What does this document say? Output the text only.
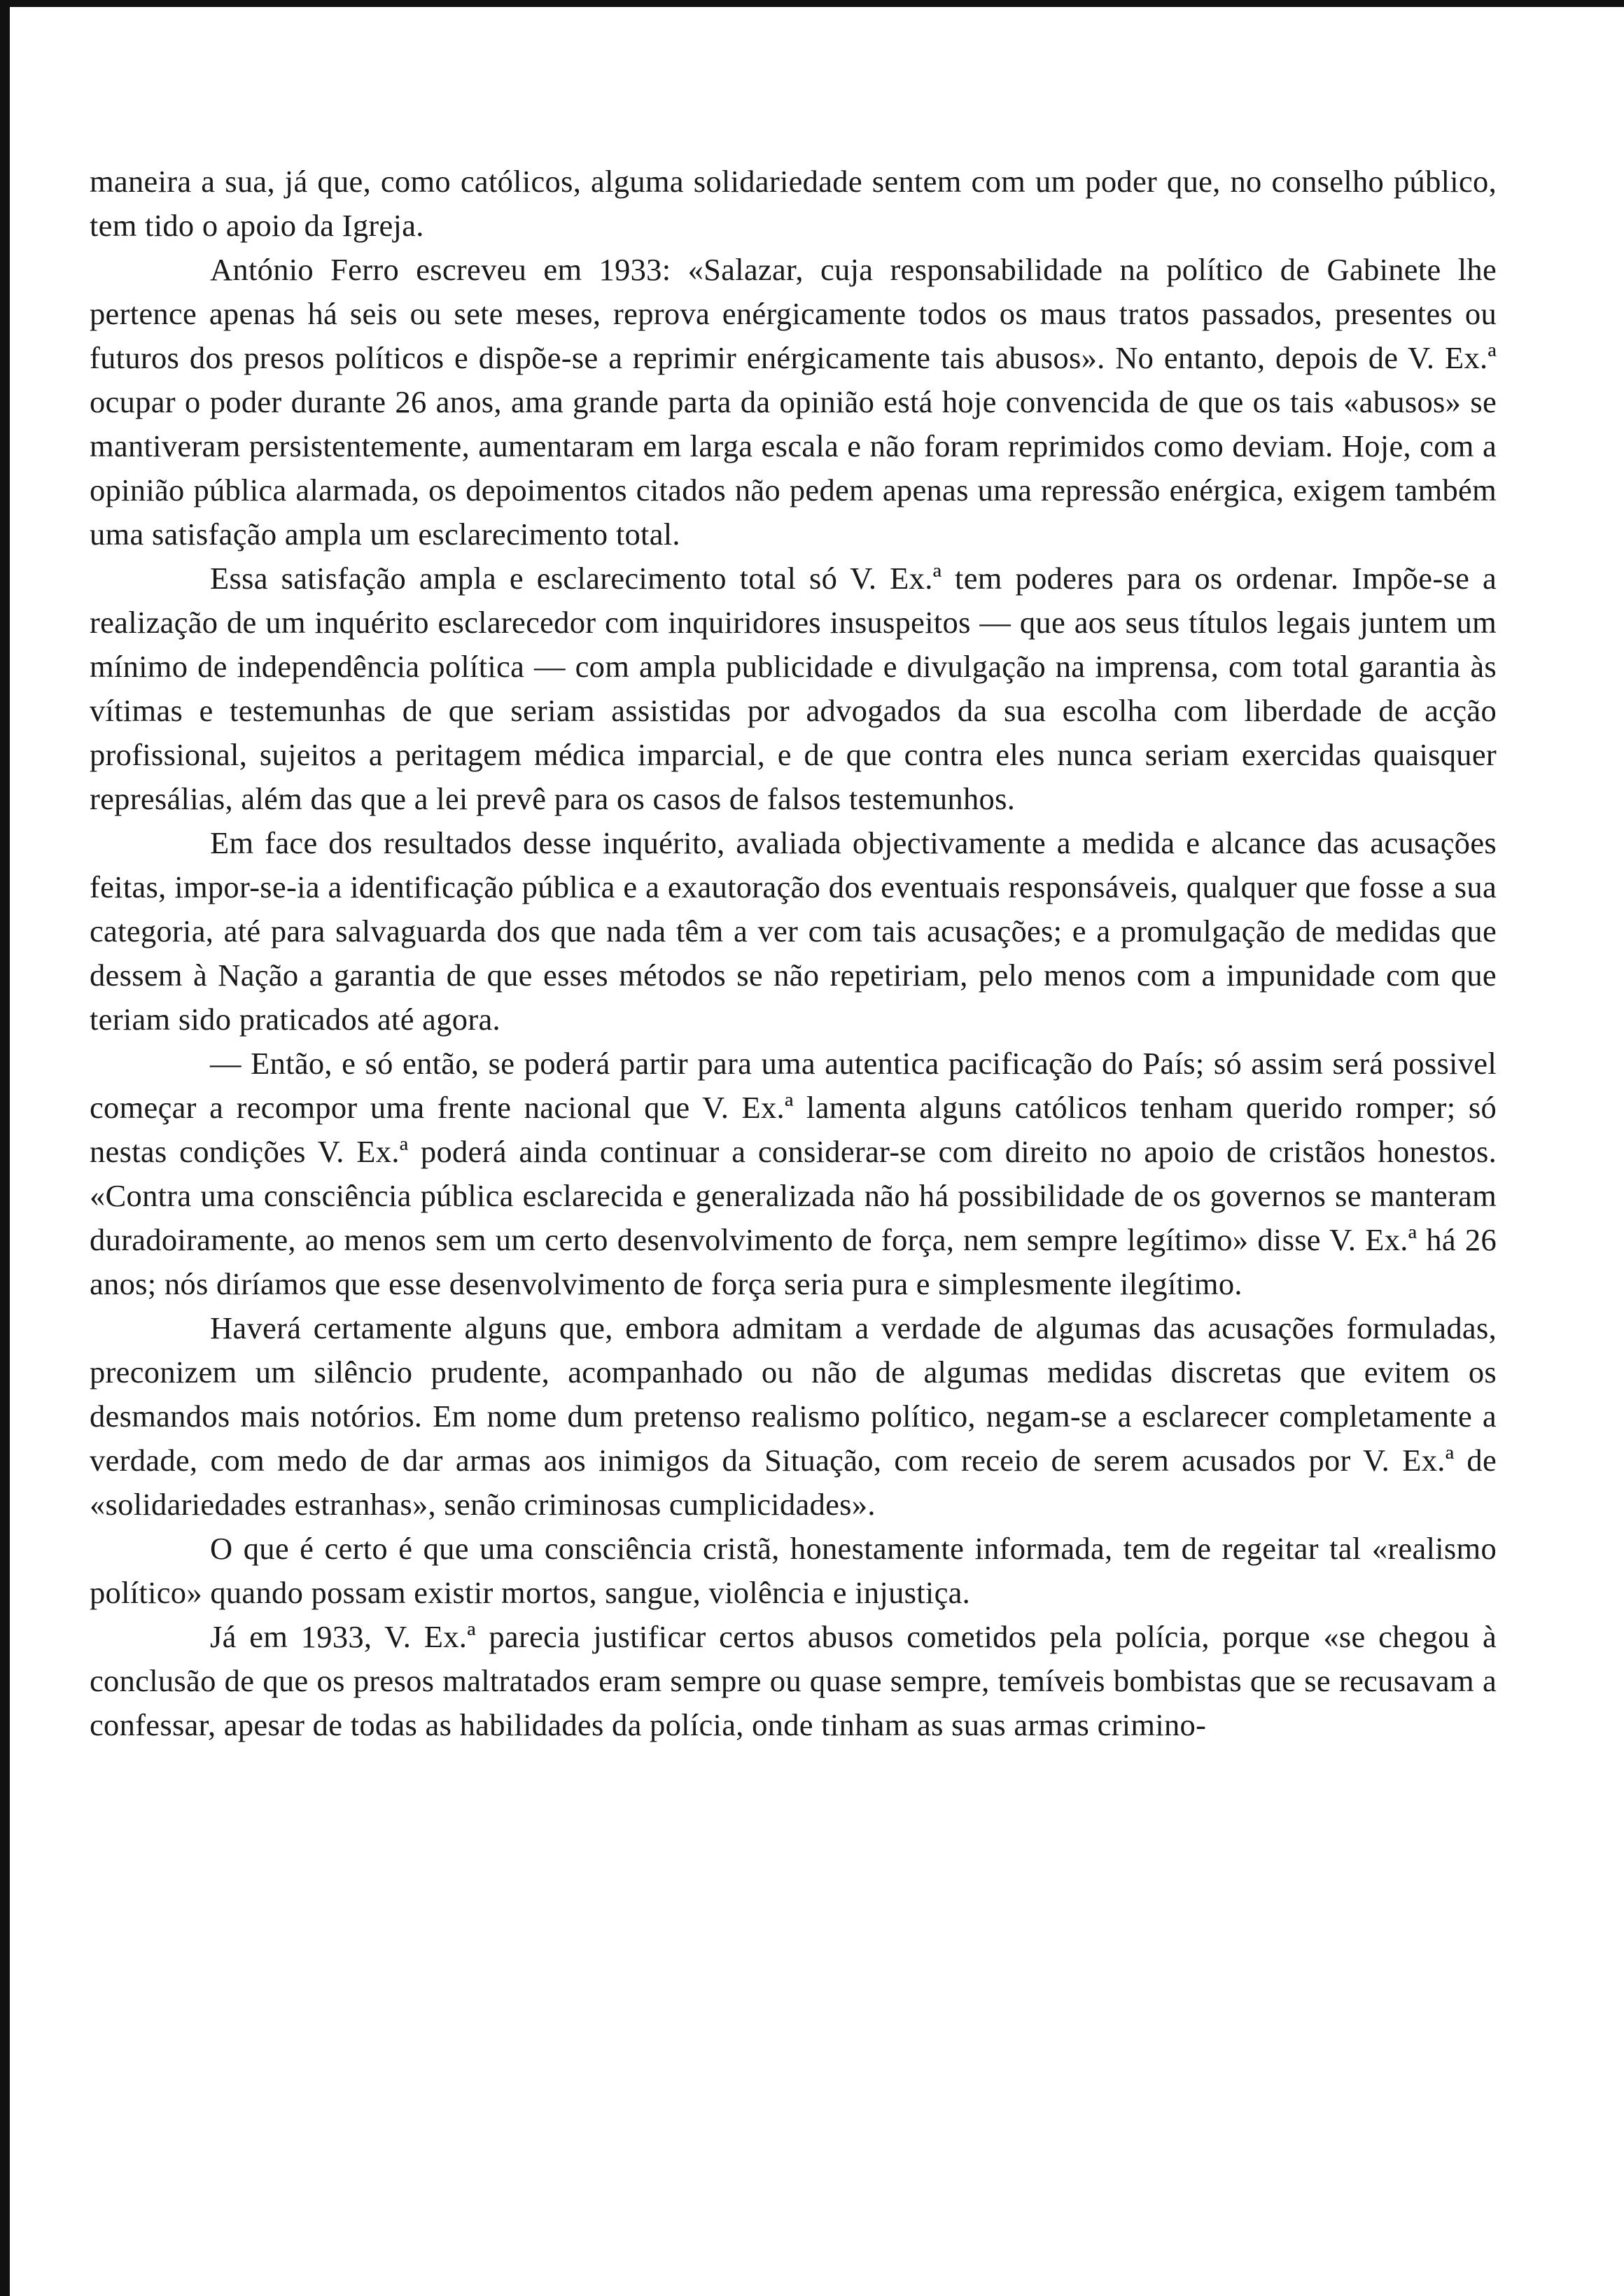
maneira a sua, já que, como católicos, alguma solidariedade sentem com um poder que, no conselho público, tem tido o apoio da Igreja.

António Ferro escreveu em 1933: «Salazar, cuja responsabilidade na político de Gabinete lhe pertence apenas há seis ou sete meses, reprova enérgicamente todos os maus tratos passados, presentes ou futuros dos presos políticos e dispõe-se a reprimir enérgicamente tais abusos». No entanto, depois de V. Ex.ª ocupar o poder durante 26 anos, ama grande parta da opinião está hoje convencida de que os tais «abusos» se mantiveram persistentemente, aumentaram em larga escala e não foram reprimidos como deviam. Hoje, com a opinião pública alarmada, os depoimentos citados não pedem apenas uma repressão enérgica, exigem também uma satisfação ampla um esclarecimento total.

Essa satisfação ampla e esclarecimento total só V. Ex.ª tem poderes para os ordenar. Impõe-se a realização de um inquérito esclarecedor com inquiridores insuspeitos — que aos seus títulos legais juntem um mínimo de independência política — com ampla publicidade e divulgação na imprensa, com total garantia às vítimas e testemunhas de que seriam assistidas por advogados da sua escolha com liberdade de acção profissional, sujeitos a peritagem médica imparcial, e de que contra eles nunca seriam exercidas quaisquer represálias, além das que a lei prevê para os casos de falsos testemunhos.

Em face dos resultados desse inquérito, avaliada objectivamente a medida e alcance das acusações feitas, impor-se-ia a identificação pública e a exautoração dos eventuais responsáveis, qualquer que fosse a sua categoria, até para salvaguarda dos que nada têm a ver com tais acusações; e a promulgação de medidas que dessem à Nação a garantia de que esses métodos se não repetiriam, pelo menos com a impunidade com que teriam sido praticados até agora.

— Então, e só então, se poderá partir para uma autentica pacificação do País; só assim será possivel começar a recompor uma frente nacional que V. Ex.ª lamenta alguns católicos tenham querido romper; só nestas condições V. Ex.ª poderá ainda continuar a considerar-se com direito no apoio de cristãos honestos. «Contra uma consciência pública esclarecida e generalizada não há possibilidade de os governos se manteram duradoiramente, ao menos sem um certo desenvolvimento de força, nem sempre legítimo» disse V. Ex.ª há 26 anos; nós diríamos que esse desenvolvimento de força seria pura e simplesmente ilegítimo.

Haverá certamente alguns que, embora admitam a verdade de algumas das acusações formuladas, preconizem um silêncio prudente, acompanhado ou não de algumas medidas discretas que evitem os desmandos mais notórios. Em nome dum pretenso realismo político, negam-se a esclarecer completamente a verdade, com medo de dar armas aos inimigos da Situação, com receio de serem acusados por V. Ex.ª de «solidariedades estranhas», senão criminosas cumplicidades».

O que é certo é que uma consciência cristã, honestamente informada, tem de regeitar tal «realismo político» quando possam existir mortos, sangue, violência e injustiça.

Já em 1933, V. Ex.ª parecia justificar certos abusos cometidos pela polícia, porque «se chegou à conclusão de que os presos maltratados eram sempre ou quase sempre, temíveis bombistas que se recusavam a confessar, apesar de todas as habilidades da polícia, onde tinham as suas armas crimino-
